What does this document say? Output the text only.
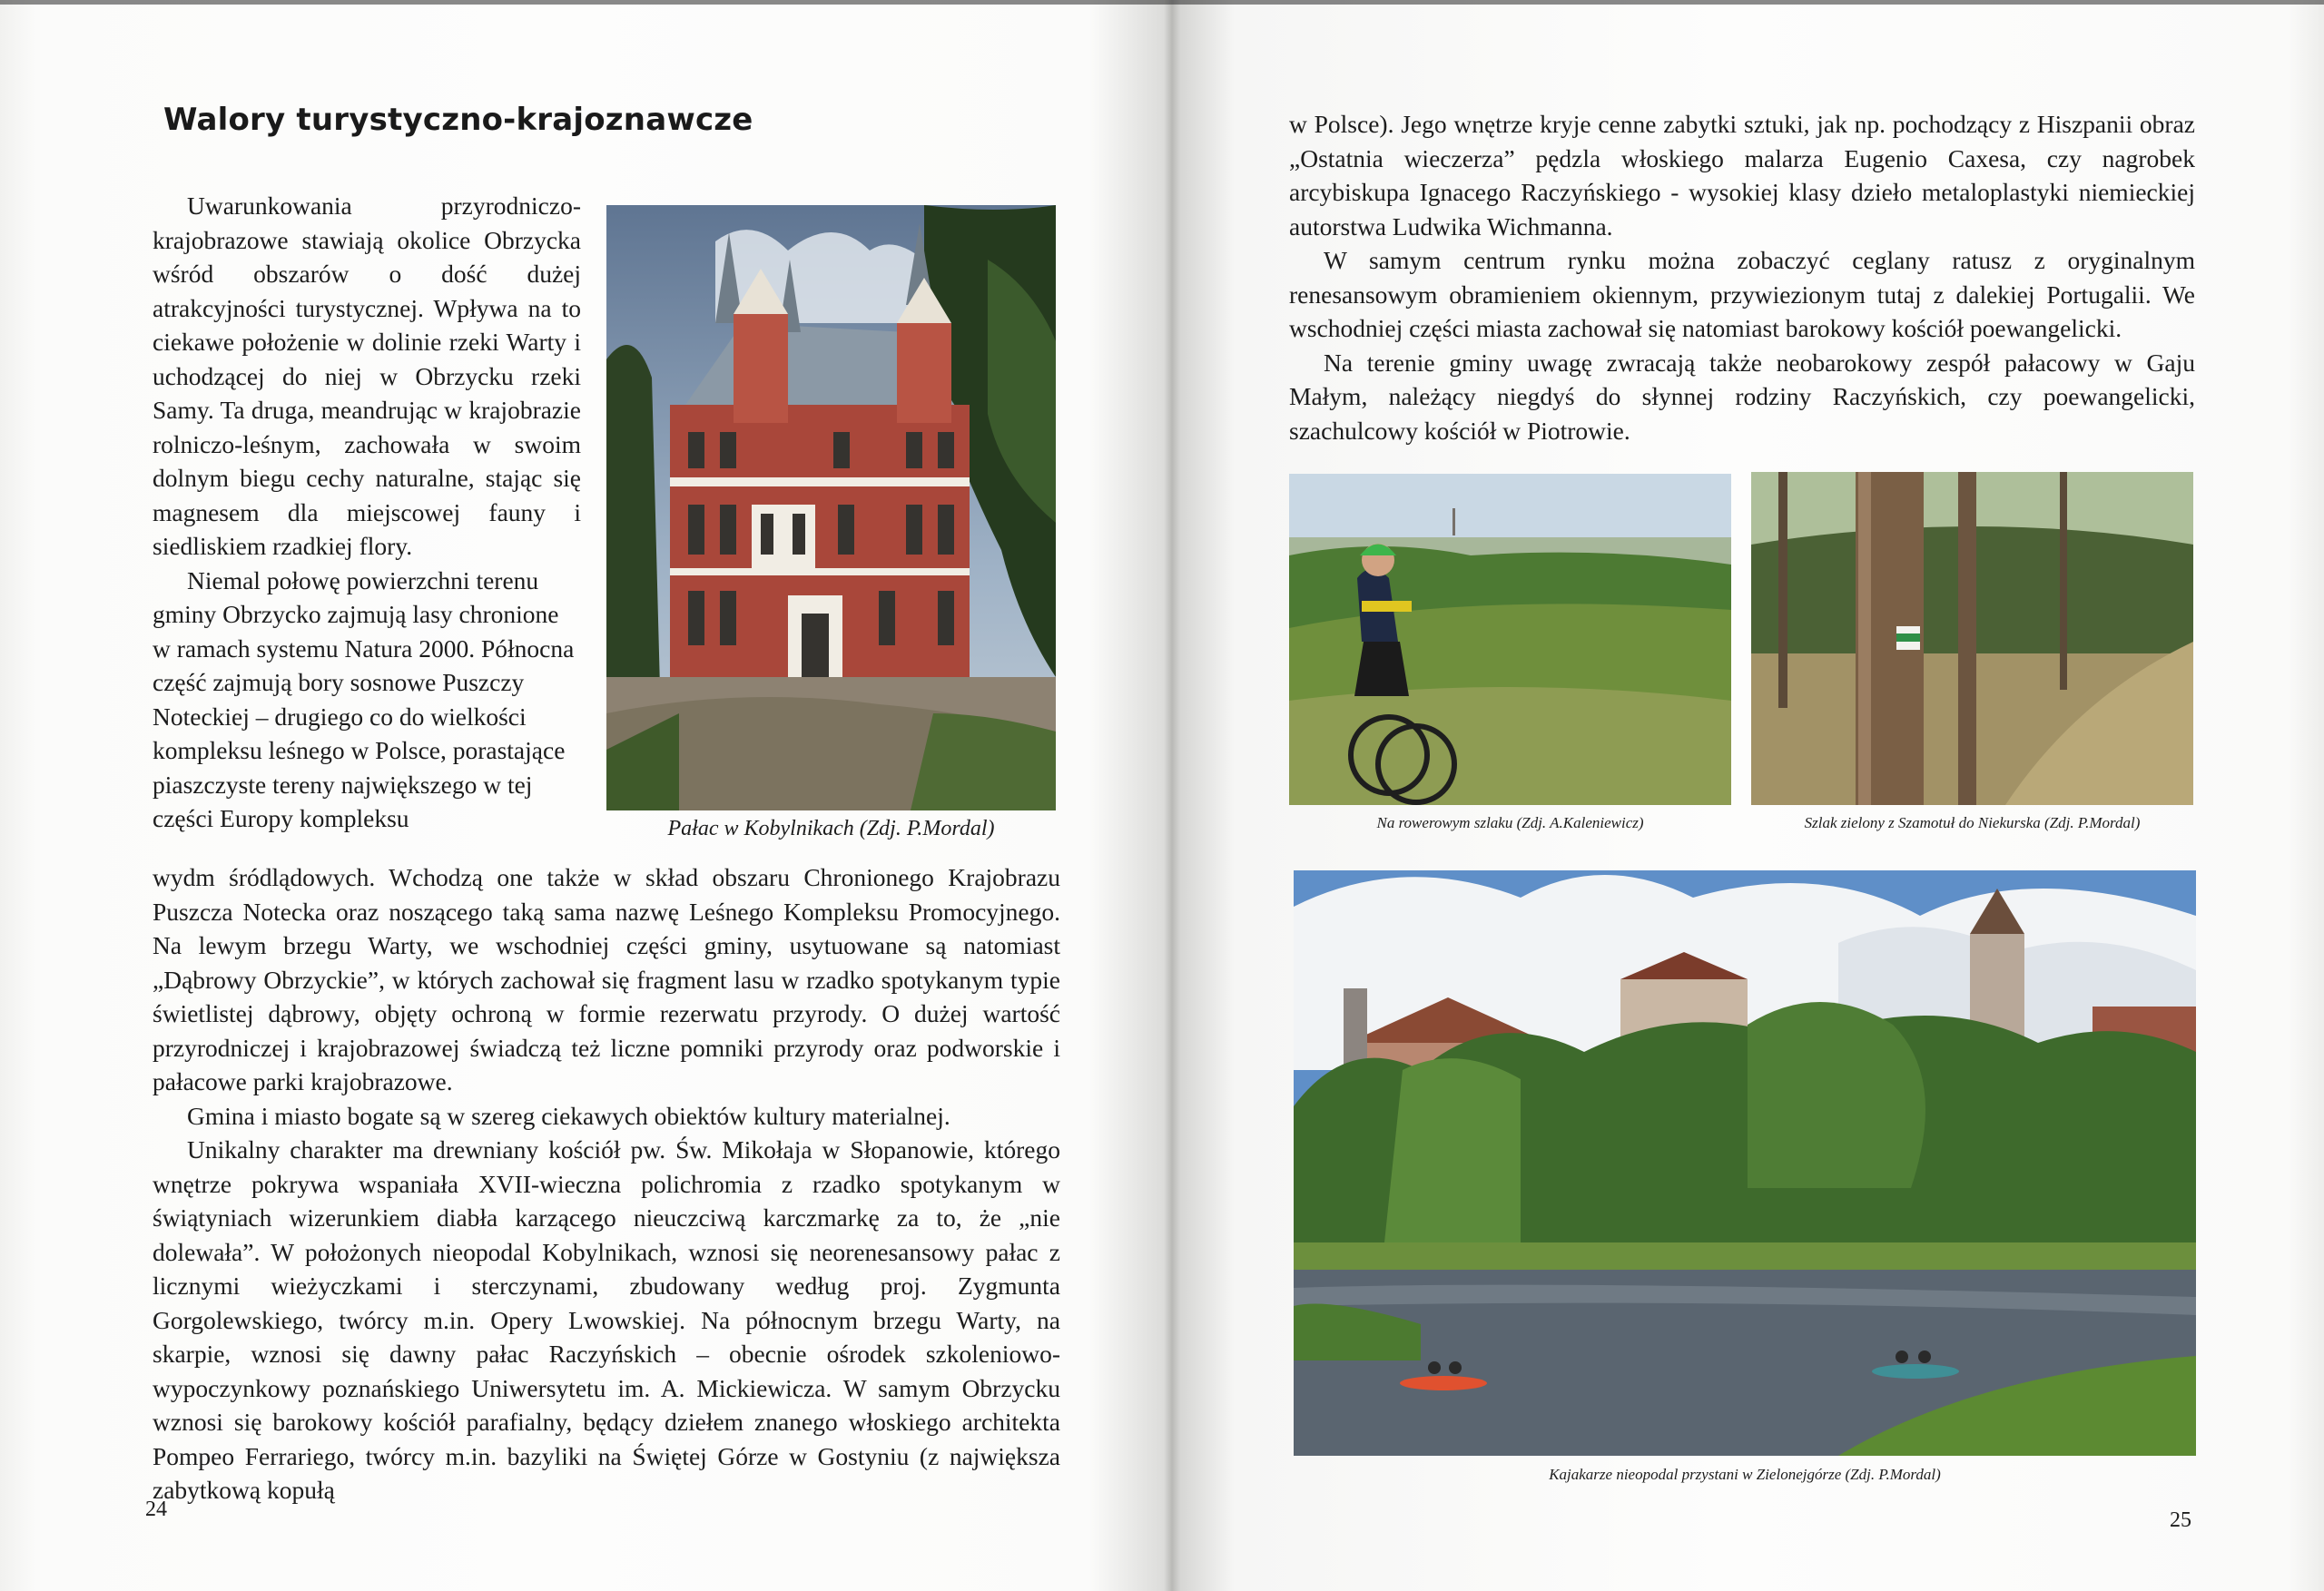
Walory turystyczno-krajoznawcze
Pałac w Kobylnikach (Zdj. P.Mordal)

Uwarunkowania przyrodniczo-krajobrazowe stawiają okolice Obrzycka wśród obszarów o dość dużej atrakcyjności turystycznej. Wpływa na to ciekawe położenie w dolinie rzeki Warty i uchodzącej do niej w Obrzycku rzeki Samy. Ta druga, meandrując w krajobrazie rolniczo-leśnym, zachowała w swoim dolnym biegu cechy naturalne, stając się magnesem dla miejscowej fauny i siedliskiem rzadkiej flory.

Niemal połowę powierzchni terenu gminy Obrzycko zajmują lasy chronione w ramach systemu Natura 2000. Północna część zajmują bory sosnowe Puszczy Noteckiej – drugiego co do wielkości kompleksu leśnego w Polsce, porastające piaszczyste tereny największego w tej części Europy kompleksu

wydm śródlądowych. Wchodzą one także w skład obszaru Chronionego Krajobrazu Puszcza Notecka oraz noszącego taką sama nazwę Leśnego Kompleksu Promocyjnego. Na lewym brzegu Warty, we wschodniej części gminy, usytuowane są natomiast „Dąbrowy Obrzyckie”, w których zachował się fragment lasu w rzadko spotykanym typie świetlistej dąbrowy, objęty ochroną w formie rezerwatu przyrody. O dużej wartość przyrodniczej i krajobrazowej świadczą też liczne pomniki przyrody oraz podworskie i pałacowe parki krajobrazowe.

Gmina i miasto bogate są w szereg ciekawych obiektów kultury materialnej.

Unikalny charakter ma drewniany kościół pw. Św. Mikołaja w Słopanowie, którego wnętrze pokrywa wspaniała XVII-wieczna polichromia z rzadko spotykanym w świątyniach wizerunkiem diabła karzącego nieuczciwą karczmarkę za to, że „nie dolewała”. W położonych nieopodal Kobylnikach, wznosi się neorenesansowy pałac z licznymi wieżyczkami i sterczynami, zbudowany według proj. Zygmunta Gorgolewskiego, twórcy m.in. Opery Lwowskiej. Na północnym brzegu Warty, na skarpie, wznosi się dawny pałac Raczyńskich – obecnie ośrodek szkoleniowo-wypoczynkowy poznańskiego Uniwersytetu im. A. Mickiewicza. W samym Obrzycku wznosi się barokowy kościół parafialny, będący dziełem znanego włoskiego architekta Pompeo Ferrariego, twórcy m.in. bazyliki na Świętej Górze w Gostyniu (z największa zabytkową kopułą

24

w Polsce). Jego wnętrze kryje cenne zabytki sztuki, jak np. pochodzący z Hiszpanii obraz „Ostatnia wieczerza” pędzla włoskiego malarza Eugenio Caxesa, czy nagrobek arcybiskupa Ignacego Raczyńskiego - wysokiej klasy dzieło metaloplastyki niemieckiej autorstwa Ludwika Wichmanna.

W samym centrum rynku można zobaczyć ceglany ratusz z oryginalnym renesansowym obramieniem okiennym, przywiezionym tutaj z dalekiej Portugalii. We wschodniej części miasta zachował się natomiast barokowy kościół poewangelicki.

Na terenie gminy uwagę zwracają także neobarokowy zespół pałacowy w Gaju Małym, należący niegdyś do słynnej rodziny Raczyńskich, czy poewangelicki, szachulcowy kościół w Piotrowie.

Na rowerowym szlaku (Zdj. A.Kaleniewicz)	Szlak zielony z Szamotuł do Niekurska (Zdj. P.Mordal)
Kajakarze nieopodal przystani w Zielonejgórze (Zdj. P.Mordal)
25
